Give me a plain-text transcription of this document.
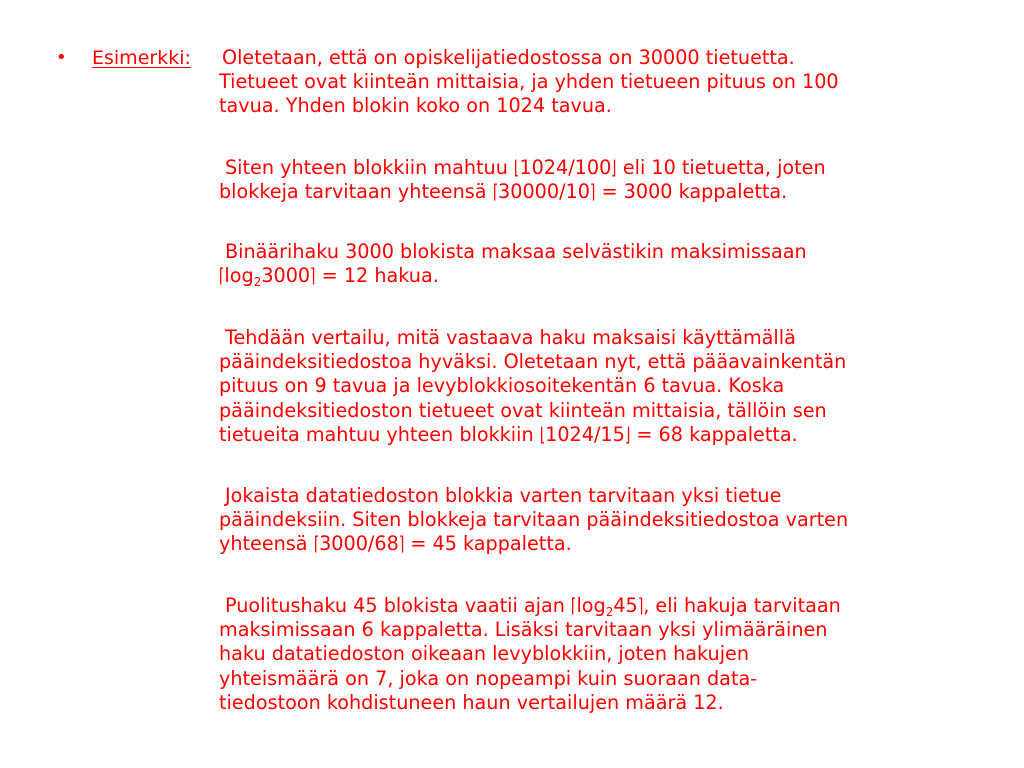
• Esimerkki: Oletetaan, että on opiskelijatiedostossa on 30000 tietuetta.
Tietueet ovat kiinteän mittaisia, ja yhden tietueen pituus on 100
tavua. Yhden blokin koko on 1024 tavua.
Siten yhteen blokkiin mahtuu ⌊1024/100⌋ eli 10 tietuetta, joten
blokkeja tarvitaan yhteensä ⌈30000/10⌉ = 3000 kappaletta.
Binäärihaku 3000 blokista maksaa selvästikin maksimissaan
$⌈\log_23000⌉ = 12$ hakua.
Tehdään vertailu, mitä vastaava haku maksaisi käyttämällä
pääindeksitiedostoa hyväksi. Oletetaan nyt, että pääavainkentän
pituus on 9 tavua ja levyblokkiosoitekentän 6 tavua. Koska
pääindeksitiedoston tietueet ovat kiinteän mittaisia, tällöin sen
tietueita mahtuu yhteen blokkiin ⌊1024/15⌋ = 68 kappaletta.
Jokaista datatiedoston blokkia varten tarvitaan yksi tietue
pääindeksiin. Siten blokkeja tarvitaan pääindeksitiedostoa varten
yhteensä ⌈3000/68⌉ = 45 kappaletta.
Puolitushaku 45 blokista vaatii ajan $⌈\log_245⌉$, eli hakuja tarvitaan
maksimissaan 6 kappaletta. Lisäksi tarvitaan yksi ylimääräinen
haku datatiedoston oikeaan levyblokkiin, joten hakujen
yhteismäärä on 7, joka on nopeampi kuin suoraan data-
tiedostoon kohdistuneen haun vertailujen määrä 12.
